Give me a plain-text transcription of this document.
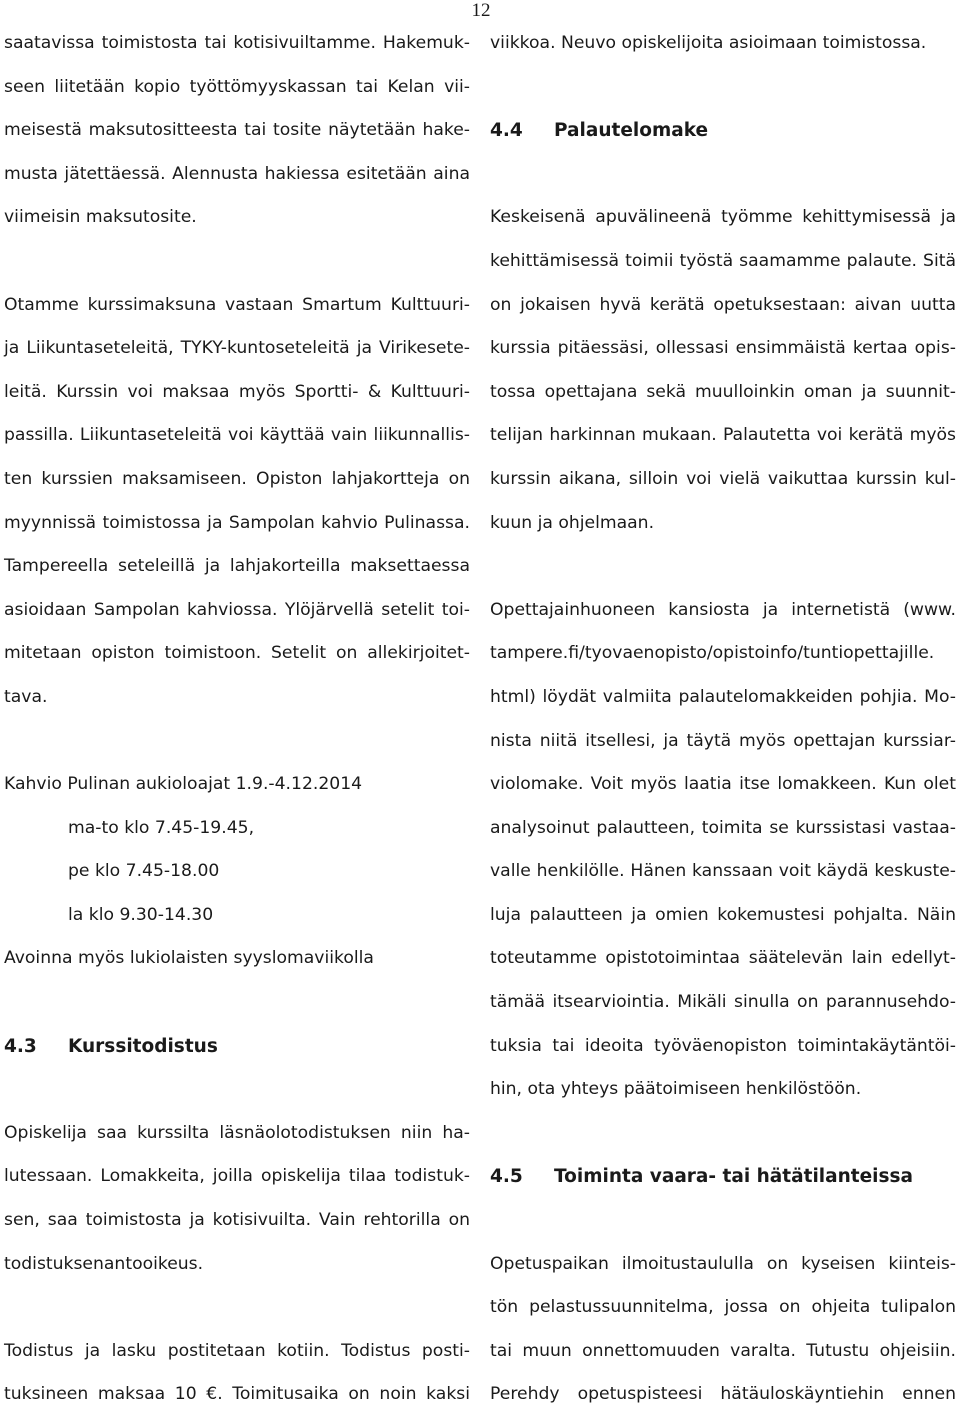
12
saatavissa toimistosta tai kotisivuiltamme. Hakemuk-
seen liitetään kopio työttömyyskassan tai Kelan vii-
meisestä maksutositteesta tai tosite näytetään hake-
musta jätettäessä. Alennusta hakiessa esitetään aina
viimeisin maksutosite.
Otamme kurssimaksuna vastaan Smartum Kulttuuri-
ja Liikuntaseteleitä, TYKY-kuntoseteleitä ja Virikesete-
leitä. Kurssin voi maksaa myös Sportti- & Kulttuuri-
passilla. Liikuntaseteleitä voi käyttää vain liikunnallis-
ten kurssien maksamiseen. Opiston lahjakortteja on
myynnissä toimistossa ja Sampolan kahvio Pulinassa.
Tampereella seteleillä ja lahjakorteilla maksettaessa
asioidaan Sampolan kahviossa. Ylöjärvellä setelit toi-
mitetaan opiston toimistoon. Setelit on allekirjoitet-
tava.
Kahvio Pulinan aukioloajat 1.9.-4.12.2014
ma-to klo 7.45-19.45,
pe klo 7.45-18.00
la klo 9.30-14.30
Avoinna myös lukiolaisten syyslomaviikolla
4.3 Kurssitodistus
Opiskelija saa kurssilta läsnäolotodistuksen niin ha-
lutessaan. Lomakkeita, joilla opiskelija tilaa todistuk-
sen, saa toimistosta ja kotisivuilta. Vain rehtorilla on
todistuksenantooikeus.
Todistus ja lasku postitetaan kotiin. Todistus posti-
tuksineen maksaa 10 €. Toimitusaika on noin kaksi
viikkoa. Neuvo opiskelijoita asioimaan toimistossa.
4.4 Palautelomake
Keskeisenä apuvälineenä työmme kehittymisessä ja
kehittämisessä toimii työstä saamamme palaute. Sitä
on jokaisen hyvä kerätä opetuksestaan: aivan uutta
kurssia pitäessäsi, ollessasi ensimmäistä kertaa opis-
tossa opettajana sekä muulloinkin oman ja suunnit-
telijan harkinnan mukaan. Palautetta voi kerätä myös
kurssin aikana, silloin voi vielä vaikuttaa kurssin kul-
kuun ja ohjelmaan.
Opettajainhuoneen kansiosta ja internetistä (www.
tampere.fi/tyovaenopisto/opistoinfo/tuntiopettajille.
html) löydät valmiita palautelomakkeiden pohjia. Mo-
nista niitä itsellesi, ja täytä myös opettajan kurssiar-
violomake. Voit myös laatia itse lomakkeen. Kun olet
analysoinut palautteen, toimita se kurssistasi vastaa-
valle henkilölle. Hänen kanssaan voit käydä keskuste-
luja palautteen ja omien kokemustesi pohjalta. Näin
toteutamme opistotoimintaa säätelevän lain edellyt-
tämää itsearviointia. Mikäli sinulla on parannusehdo-
tuksia tai ideoita työväenopiston toimintakäytäntöi-
hin, ota yhteys päätoimiseen henkilöstöön.
4.5 Toiminta vaara- tai hätätilanteissa
Opetuspaikan ilmoitustaululla on kyseisen kiinteis-
tön pelastussuunnitelma, jossa on ohjeita tulipalon
tai muun onnettomuuden varalta. Tutustu ohjeisiin.
Perehdy opetuspisteesi hätäuloskäyntiehin ennen
